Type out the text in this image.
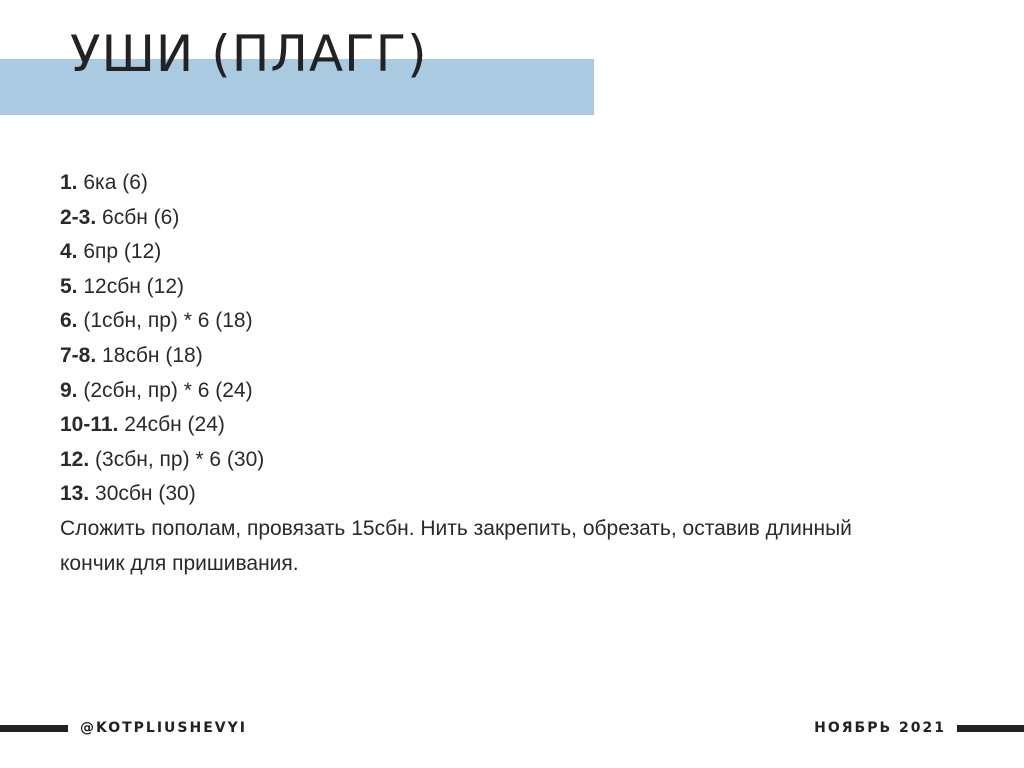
УШИ (ПЛАГГ)
1. 6ка (6)
2-3. 6сбн (6)
4. 6пр (12)
5. 12сбн (12)
6. (1сбн, пр) * 6 (18)
7-8. 18сбн (18)
9. (2сбн, пр) * 6 (24)
10-11. 24сбн (24)
12. (3сбн, пр) * 6 (30)
13. 30сбн (30)
Сложить пополам, провязать 15сбн. Нить закрепить, обрезать, оставив длинный кончик для пришивания.
@KOTPLIUSHEVYI	НОЯБРЬ 2021
